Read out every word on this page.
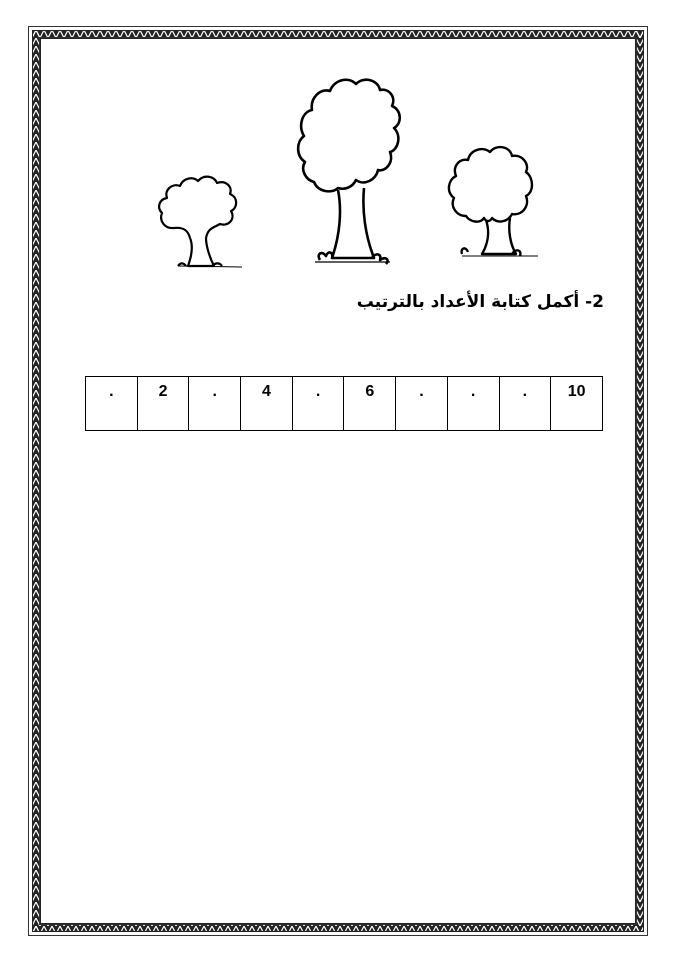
2- أكمل كتابة الأعداد بالترتيب
.	2	.	4	.	6	.	.	.	10
